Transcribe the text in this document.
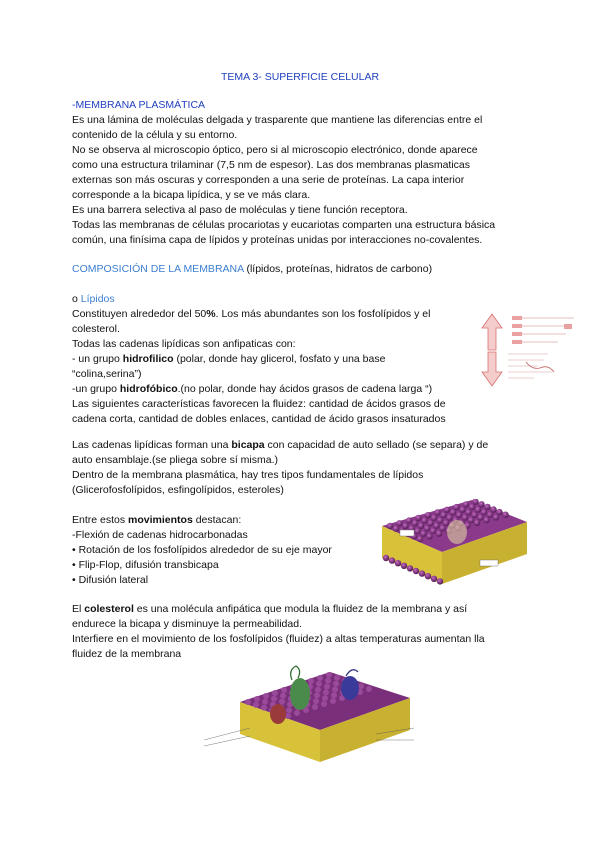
TEMA 3- SUPERFICIE CELULAR

-MEMBRANA PLASMÁTICA

Es una lámina de moléculas delgada y trasparente que mantiene las diferencias entre el

contenido de la célula y su entorno.

No se observa al microscopio óptico, pero si al microscopio electrónico, donde aparece

como una estructura trilaminar (7,5 nm de espesor). Las dos membranas plasmaticas

externas son más oscuras y corresponden a una serie de proteínas. La capa interior

corresponde a la bicapa lipídica, y se ve más clara.

Es una barrera selectiva al paso de moléculas y tiene función receptora.

Todas las membranas de células procariotas y eucariotas comparten una estructura básica

común, una finísima capa de lípidos y proteínas unidas por interacciones no-covalentes.

COMPOSICIÓN DE LA MEMBRANA (lípidos, proteínas, hidratos de carbono)

o Lípidos

Constituyen alrededor del 50%. Los más abundantes son los fosfolípidos y el

colesterol.

Todas las cadenas lipídicas son anfipaticas con:

- un grupo hidrofilico (polar, donde hay glicerol, fosfato y una base

“colina,serina”)

-un grupo hidrofóbico.(no polar, donde hay ácidos grasos de cadena larga “)

Las siguientes características favorecen la fluidez: cantidad de ácidos grasos de

cadena corta, cantidad de dobles enlaces, cantidad de ácido grasos insaturados

Las cadenas lipídicas forman una bicapa con capacidad de auto sellado (se separa) y de

auto ensamblaje.(se pliega sobre sí misma.)

Dentro de la membrana plasmática, hay tres tipos fundamentales de lípidos

(Glicerofosfolípidos, esfingolípidos, esteroles)

Entre estos movimientos destacan:

-Flexión de cadenas hidrocarbonadas

• Rotación de los fosfolípidos alrededor de su eje mayor

• Flip-Flop, difusión transbicapa

• Difusión lateral

El colesterol es una molécula anfipática que modula la fluidez de la membrana y así

endurece la bicapa y disminuye la permeabilidad.

Interfiere en el movimiento de los fosfolípidos (fluidez) a altas temperaturas aumentan lla

fluidez de la membrana
